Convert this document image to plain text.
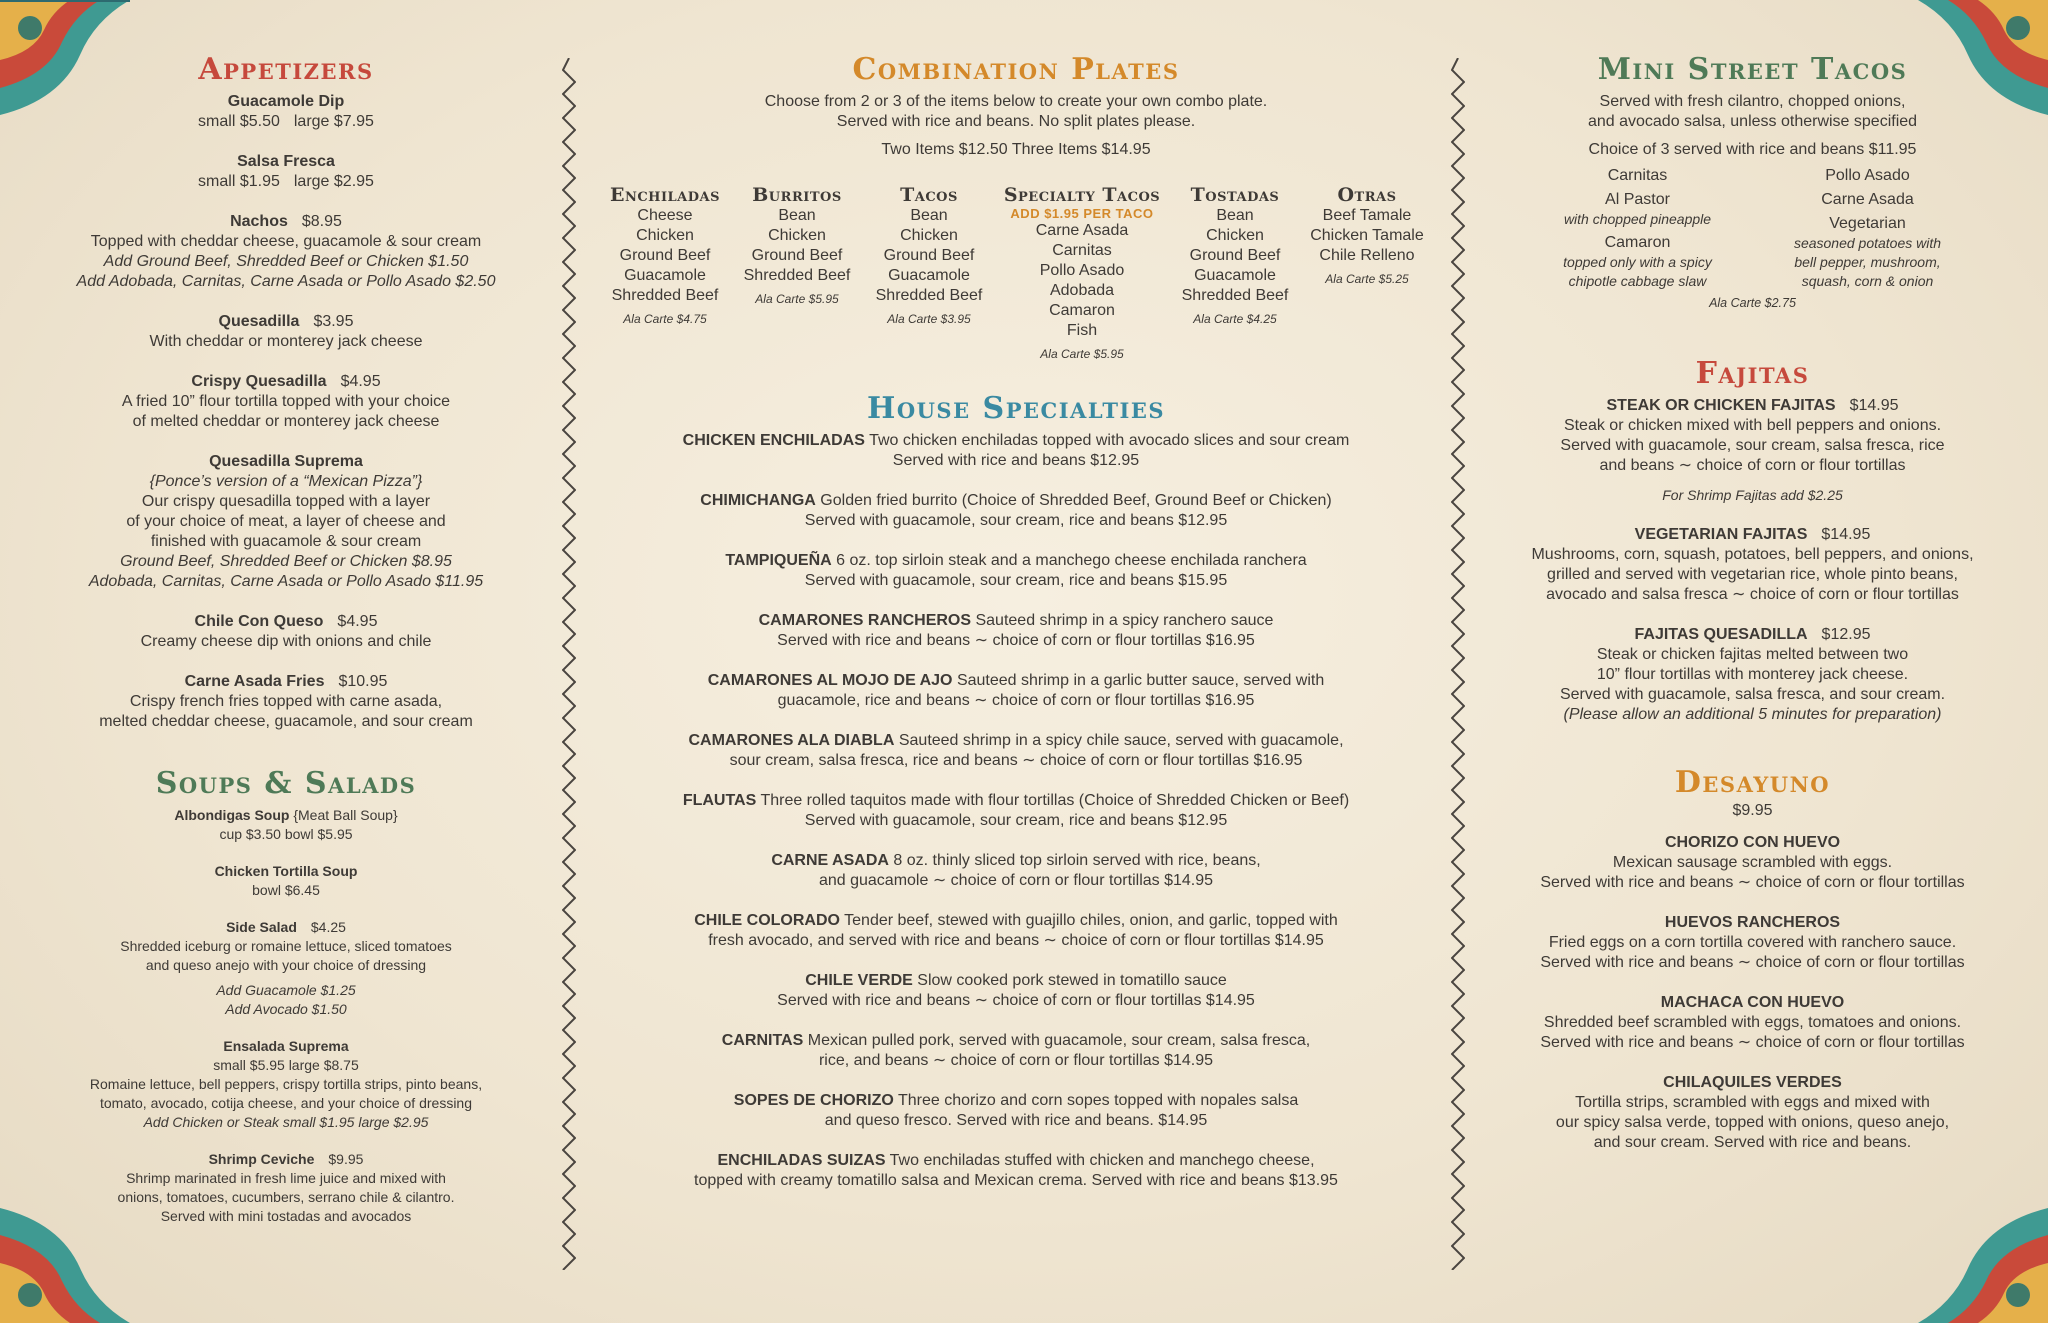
Appetizers
Guacamole Dip
small $5.50 large $7.95
Salsa Fresca
small $1.95 large $2.95
Nachos $8.95
Topped with cheddar cheese, guacamole & sour cream
Add Ground Beef, Shredded Beef or Chicken $1.50
Add Adobada, Carnitas, Carne Asada or Pollo Asado $2.50
Quesadilla $3.95
With cheddar or monterey jack cheese
Crispy Quesadilla $4.95
A fried 10” flour tortilla topped with your choice
of melted cheddar or monterey jack cheese
Quesadilla Suprema
{Ponce’s version of a “Mexican Pizza”}
Our crispy quesadilla topped with a layer
of your choice of meat, a layer of cheese and
finished with guacamole & sour cream
Ground Beef, Shredded Beef or Chicken $8.95
Adobada, Carnitas, Carne Asada or Pollo Asado $11.95
Chile Con Queso $4.95
Creamy cheese dip with onions and chile
Carne Asada Fries $10.95
Crispy french fries topped with carne asada,
melted cheddar cheese, guacamole, and sour cream
Soups & Salads
Albondigas Soup {Meat Ball Soup}
cup $3.50 bowl $5.95
Chicken Tortilla Soup
bowl $6.45
Side Salad $4.25
Shredded iceburg or romaine lettuce, sliced tomatoes
and queso anejo with your choice of dressing
Add Guacamole $1.25
Add Avocado $1.50
Ensalada Suprema
small $5.95 large $8.75
Romaine lettuce, bell peppers, crispy tortilla strips, pinto beans,
tomato, avocado, cotija cheese, and your choice of dressing
Add Chicken or Steak small $1.95 large $2.95
Shrimp Ceviche $9.95
Shrimp marinated in fresh lime juice and mixed with
onions, tomatoes, cucumbers, serrano chile & cilantro.
Served with mini tostadas and avocados
Combination Plates
Choose from 2 or 3 of the items below to create your own combo plate.
Served with rice and beans. No split plates please.
Two Items $12.50 Three Items $14.95
Enchiladas
Cheese
Chicken
Ground Beef
Guacamole
Shredded Beef
Ala Carte $4.75
Burritos
Bean
Chicken
Ground Beef
Shredded Beef
Ala Carte $5.95
Tacos
Bean
Chicken
Ground Beef
Guacamole
Shredded Beef
Ala Carte $3.95
Specialty Tacos
ADD $1.95 PER TACO
Carne Asada
Carnitas
Pollo Asado
Adobada
Camaron
Fish
Ala Carte $5.95
Tostadas
Bean
Chicken
Ground Beef
Guacamole
Shredded Beef
Ala Carte $4.25
Otras
Beef Tamale
Chicken Tamale
Chile Relleno
Ala Carte $5.25
House Specialties
CHICKEN ENCHILADAS Two chicken enchiladas topped with avocado slices and sour cream
Served with rice and beans $12.95
CHIMICHANGA Golden fried burrito (Choice of Shredded Beef, Ground Beef or Chicken)
Served with guacamole, sour cream, rice and beans $12.95
TAMPIQUEÑA 6 oz. top sirloin steak and a manchego cheese enchilada ranchera
Served with guacamole, sour cream, rice and beans $15.95
CAMARONES RANCHEROS Sauteed shrimp in a spicy ranchero sauce
Served with rice and beans ∼ choice of corn or flour tortillas $16.95
CAMARONES AL MOJO DE AJO Sauteed shrimp in a garlic butter sauce, served with
guacamole, rice and beans ∼ choice of corn or flour tortillas $16.95
CAMARONES ALA DIABLA Sauteed shrimp in a spicy chile sauce, served with guacamole,
sour cream, salsa fresca, rice and beans ∼ choice of corn or flour tortillas $16.95
FLAUTAS Three rolled taquitos made with flour tortillas (Choice of Shredded Chicken or Beef)
Served with guacamole, sour cream, rice and beans $12.95
CARNE ASADA 8 oz. thinly sliced top sirloin served with rice, beans,
and guacamole ∼ choice of corn or flour tortillas $14.95
CHILE COLORADO Tender beef, stewed with guajillo chiles, onion, and garlic, topped with
fresh avocado, and served with rice and beans ∼ choice of corn or flour tortillas $14.95
CHILE VERDE Slow cooked pork stewed in tomatillo sauce
Served with rice and beans ∼ choice of corn or flour tortillas $14.95
CARNITAS Mexican pulled pork, served with guacamole, sour cream, salsa fresca,
rice, and beans ∼ choice of corn or flour tortillas $14.95
SOPES DE CHORIZO Three chorizo and corn sopes topped with nopales salsa
and queso fresco. Served with rice and beans. $14.95
ENCHILADAS SUIZAS Two enchiladas stuffed with chicken and manchego cheese,
topped with creamy tomatillo salsa and Mexican crema. Served with rice and beans $13.95
Mini Street Tacos
Served with fresh cilantro, chopped onions,
and avocado salsa, unless otherwise specified
Choice of 3 served with rice and beans $11.95
Carnitas
Al Pastor
with chopped pineapple
Camaron
topped only with a spicy
chipotle cabbage slaw
Pollo Asado
Carne Asada
Vegetarian
seasoned potatoes with
bell pepper, mushroom,
squash, corn & onion
Ala Carte $2.75
Fajitas
STEAK OR CHICKEN FAJITAS $14.95
Steak or chicken mixed with bell peppers and onions.
Served with guacamole, sour cream, salsa fresca, rice
and beans ∼ choice of corn or flour tortillas
For Shrimp Fajitas add $2.25
VEGETARIAN FAJITAS $14.95
Mushrooms, corn, squash, potatoes, bell peppers, and onions,
grilled and served with vegetarian rice, whole pinto beans,
avocado and salsa fresca ∼ choice of corn or flour tortillas
FAJITAS QUESADILLA $12.95
Steak or chicken fajitas melted between two
10” flour tortillas with monterey jack cheese.
Served with guacamole, salsa fresca, and sour cream.
(Please allow an additional 5 minutes for preparation)
Desayuno
$9.95
CHORIZO CON HUEVO
Mexican sausage scrambled with eggs.
Served with rice and beans ∼ choice of corn or flour tortillas
HUEVOS RANCHEROS
Fried eggs on a corn tortilla covered with ranchero sauce.
Served with rice and beans ∼ choice of corn or flour tortillas
MACHACA CON HUEVO
Shredded beef scrambled with eggs, tomatoes and onions.
Served with rice and beans ∼ choice of corn or flour tortillas
CHILAQUILES VERDES
Tortilla strips, scrambled with eggs and mixed with
our spicy salsa verde, topped with onions, queso anejo,
and sour cream. Served with rice and beans.
